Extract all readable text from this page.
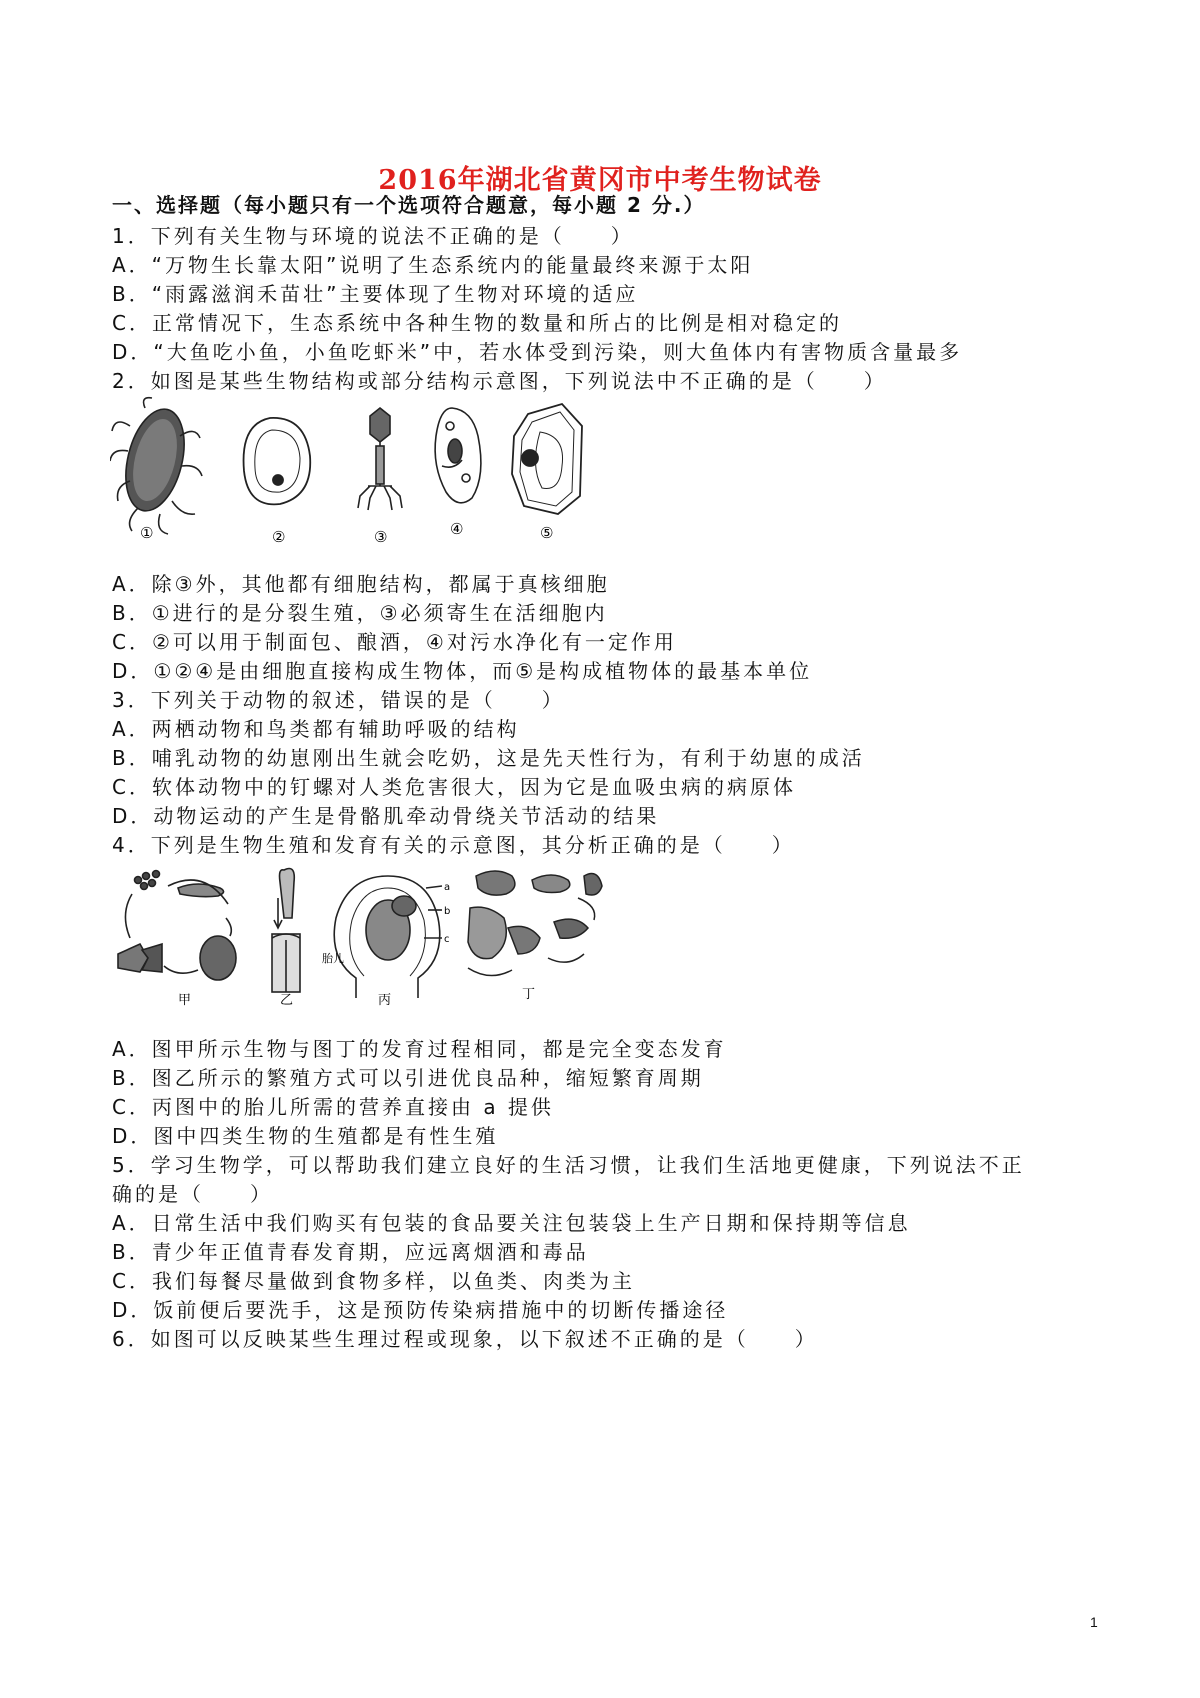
2016年湖北省黄冈市中考生物试卷
一、选择题（每小题只有一个选项符合题意，每小题 2 分.）
1．下列有关生物与环境的说法不正确的是（　　）
A．“万物生长靠太阳”说明了生态系统内的能量最终来源于太阳
B．“雨露滋润禾苗壮”主要体现了生物对环境的适应
C．正常情况下，生态系统中各种生物的数量和所占的比例是相对稳定的
D．“大鱼吃小鱼，小鱼吃虾米”中，若水体受到污染，则大鱼体内有害物质含量最多
2．如图是某些生物结构或部分结构示意图，下列说法中不正确的是（　　）
①	②	③	④	⑤
A．除③外，其他都有细胞结构，都属于真核细胞
B．①进行的是分裂生殖，③必须寄生在活细胞内
C．②可以用于制面包、酿酒，④对污水净化有一定作用
D．①②④是由细胞直接构成生物体，而⑤是构成植物体的最基本单位
3．下列关于动物的叙述，错误的是（　　）
A．两栖动物和鸟类都有辅助呼吸的结构
B．哺乳动物的幼崽刚出生就会吃奶，这是先天性行为，有利于幼崽的成活
C．软体动物中的钉螺对人类危害很大，因为它是血吸虫病的病原体
D．动物运动的产生是骨骼肌牵动骨绕关节活动的结果
4．下列是生物生殖和发育有关的示意图，其分析正确的是（　　）
a
b
c
胎儿
甲	乙	丙	丁
A．图甲所示生物与图丁的发育过程相同，都是完全变态发育
B．图乙所示的繁殖方式可以引进优良品种，缩短繁育周期
C．丙图中的胎儿所需的营养直接由 a 提供
D．图中四类生物的生殖都是有性生殖
5．学习生物学，可以帮助我们建立良好的生活习惯，让我们生活地更健康，下列说法不正
确的是（　　）
A．日常生活中我们购买有包装的食品要关注包装袋上生产日期和保持期等信息
B．青少年正值青春发育期，应远离烟酒和毒品
C．我们每餐尽量做到食物多样，以鱼类、肉类为主
D．饭前便后要洗手，这是预防传染病措施中的切断传播途径
6．如图可以反映某些生理过程或现象，以下叙述不正确的是（　　）
1
